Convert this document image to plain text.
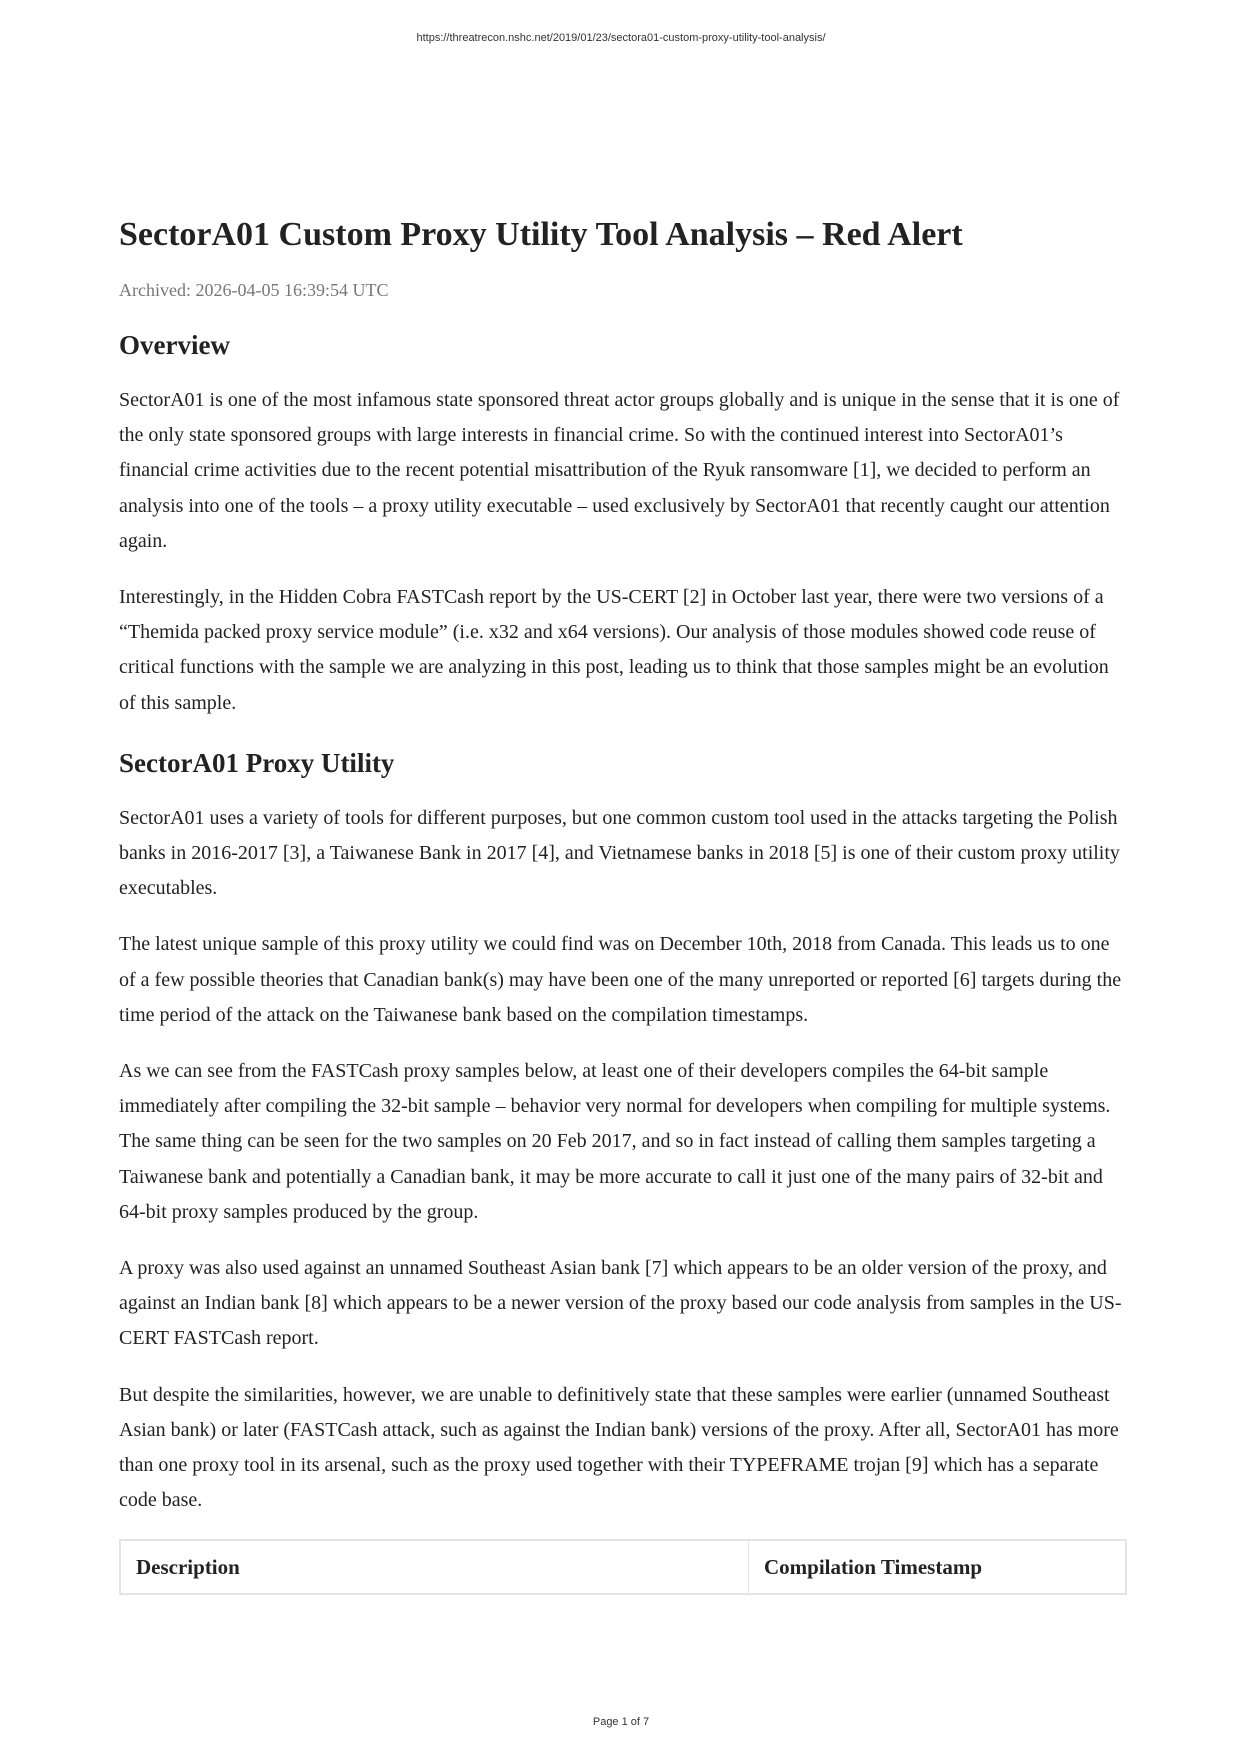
https://threatrecon.nshc.net/2019/01/23/sectora01-custom-proxy-utility-tool-analysis/
SectorA01 Custom Proxy Utility Tool Analysis – Red Alert
Archived: 2026-04-05 16:39:54 UTC
Overview

SectorA01 is one of the most infamous state sponsored threat actor groups globally and is unique in the sense that it is one of the only state sponsored groups with large interests in financial crime. So with the continued interest into SectorA01’s financial crime activities due to the recent potential misattribution of the Ryuk ransomware [1], we decided to perform an analysis into one of the tools – a proxy utility executable – used exclusively by SectorA01 that recently caught our attention again.

Interestingly, in the Hidden Cobra FASTCash report by the US-CERT [2] in October last year, there were two versions of a “Themida packed proxy service module” (i.e. x32 and x64 versions). Our analysis of those modules showed code reuse of critical functions with the sample we are analyzing in this post, leading us to think that those samples might be an evolution of this sample.

SectorA01 Proxy Utility

SectorA01 uses a variety of tools for different purposes, but one common custom tool used in the attacks targeting the Polish banks in 2016-2017 [3], a Taiwanese Bank in 2017 [4], and Vietnamese banks in 2018 [5] is one of their custom proxy utility executables.

The latest unique sample of this proxy utility we could find was on December 10th, 2018 from Canada. This leads us to one of a few possible theories that Canadian bank(s) may have been one of the many unreported or reported [6] targets during the time period of the attack on the Taiwanese bank based on the compilation timestamps.

As we can see from the FASTCash proxy samples below, at least one of their developers compiles the 64-bit sample immediately after compiling the 32-bit sample – behavior very normal for developers when compiling for multiple systems. The same thing can be seen for the two samples on 20 Feb 2017, and so in fact instead of calling them samples targeting a Taiwanese bank and potentially a Canadian bank, it may be more accurate to call it just one of the many pairs of 32-bit and 64-bit proxy samples produced by the group.

A proxy was also used against an unnamed Southeast Asian bank [7] which appears to be an older version of the proxy, and against an Indian bank [8] which appears to be a newer version of the proxy based our code analysis from samples in the US-CERT FASTCash report.

But despite the similarities, however, we are unable to definitively state that these samples were earlier (unnamed Southeast Asian bank) or later (FASTCash attack, such as against the Indian bank) versions of the proxy. After all, SectorA01 has more than one proxy tool in its arsenal, such as the proxy used together with their TYPEFRAME trojan [9] which has a separate code base.

Description	Compilation Timestamp
Page 1 of 7
